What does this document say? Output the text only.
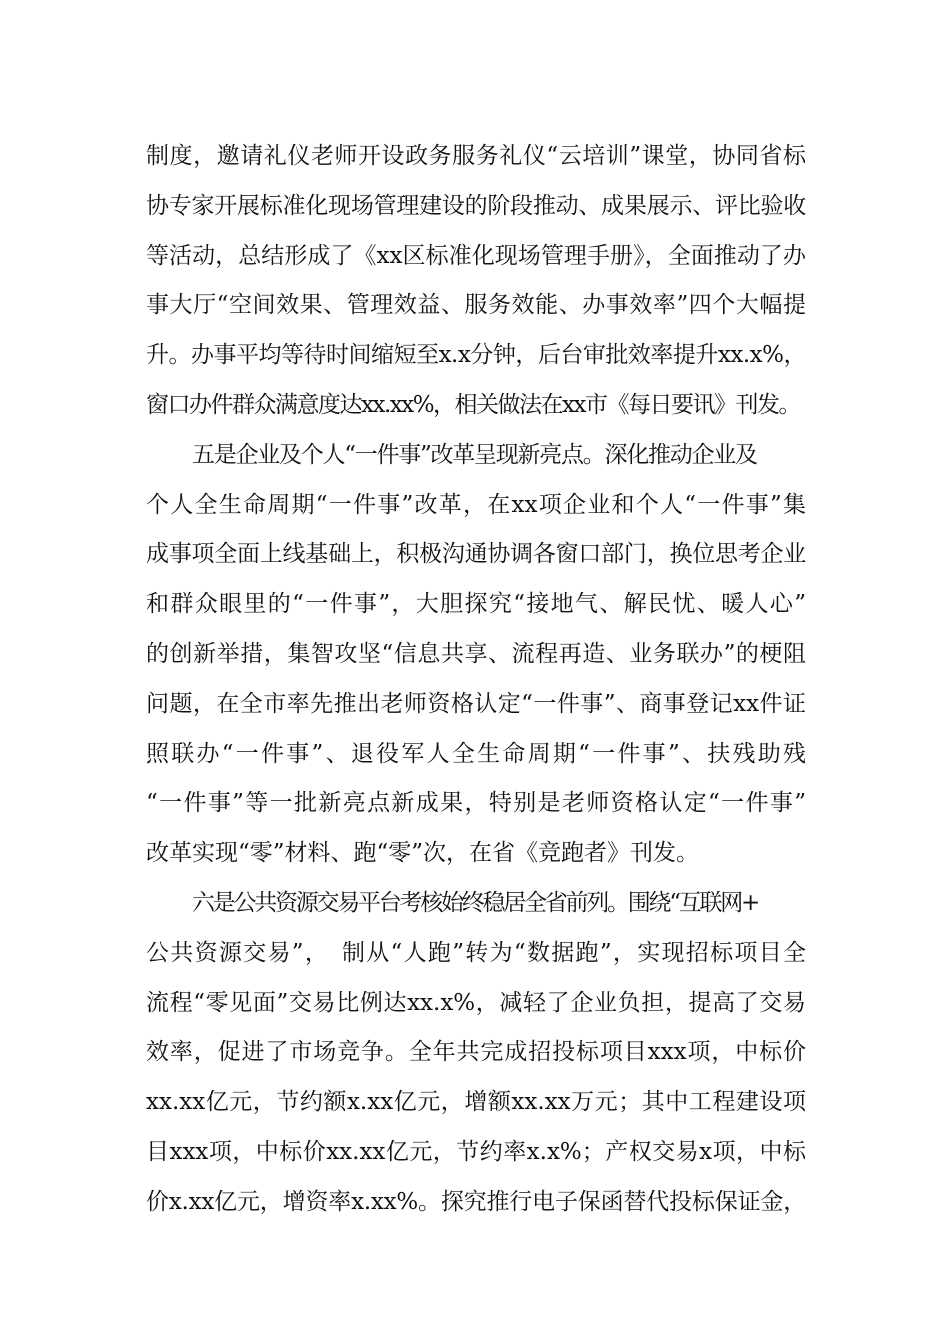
制度，邀请礼仪老师开设政务服务礼仪“云培训”课堂，协同省标
协专家开展标准化现场管理建设的阶段推动、成果展示、评比验收
等活动，总结形成了《xx区标准化现场管理手册》，全面推动了办
事大厅“空间效果、管理效益、服务效能、办事效率”四个大幅提
升。办事平均等待时间缩短至x.x分钟，后台审批效率提升xx.x%，
窗口办件群众满意度达xx.xx%，相关做法在xx市《每日要讯》刊发。
五是企业及个人“一件事”改革呈现新亮点。深化推动企业及
个人全生命周期“一件事”改革，在xx项企业和个人“一件事”集
成事项全面上线基础上，积极沟通协调各窗口部门，换位思考企业
和群众眼里的“一件事”，大胆探究“接地气、解民忧、暖人心”
的创新举措，集智攻坚“信息共享、流程再造、业务联办”的梗阻
问题，在全市率先推出老师资格认定“一件事”、商事登记xx件证
照联办“一件事”、退役军人全生命周期“一件事”、扶残助残
“一件事”等一批新亮点新成果，特别是老师资格认定“一件事”
改革实现“零”材料、跑“零”次，在省《竞跑者》刊发。
六是公共资源交易平台考核始终稳居全省前列。围绕“互联网+
公共资源交易”，　制从“人跑”转为“数据跑”，实现招标项目全
流程“零见面”交易比例达xx.x%，减轻了企业负担，提高了交易
效率，促进了市场竞争。全年共完成招投标项目xxx项，中标价
xx.xx亿元，节约额x.xx亿元，增额xx.xx万元；其中工程建设项
目xxx项，中标价xx.xx亿元，节约率x.x%；产权交易x项，中标
价x.xx亿元，增资率x.xx%。探究推行电子保函替代投标保证金，
